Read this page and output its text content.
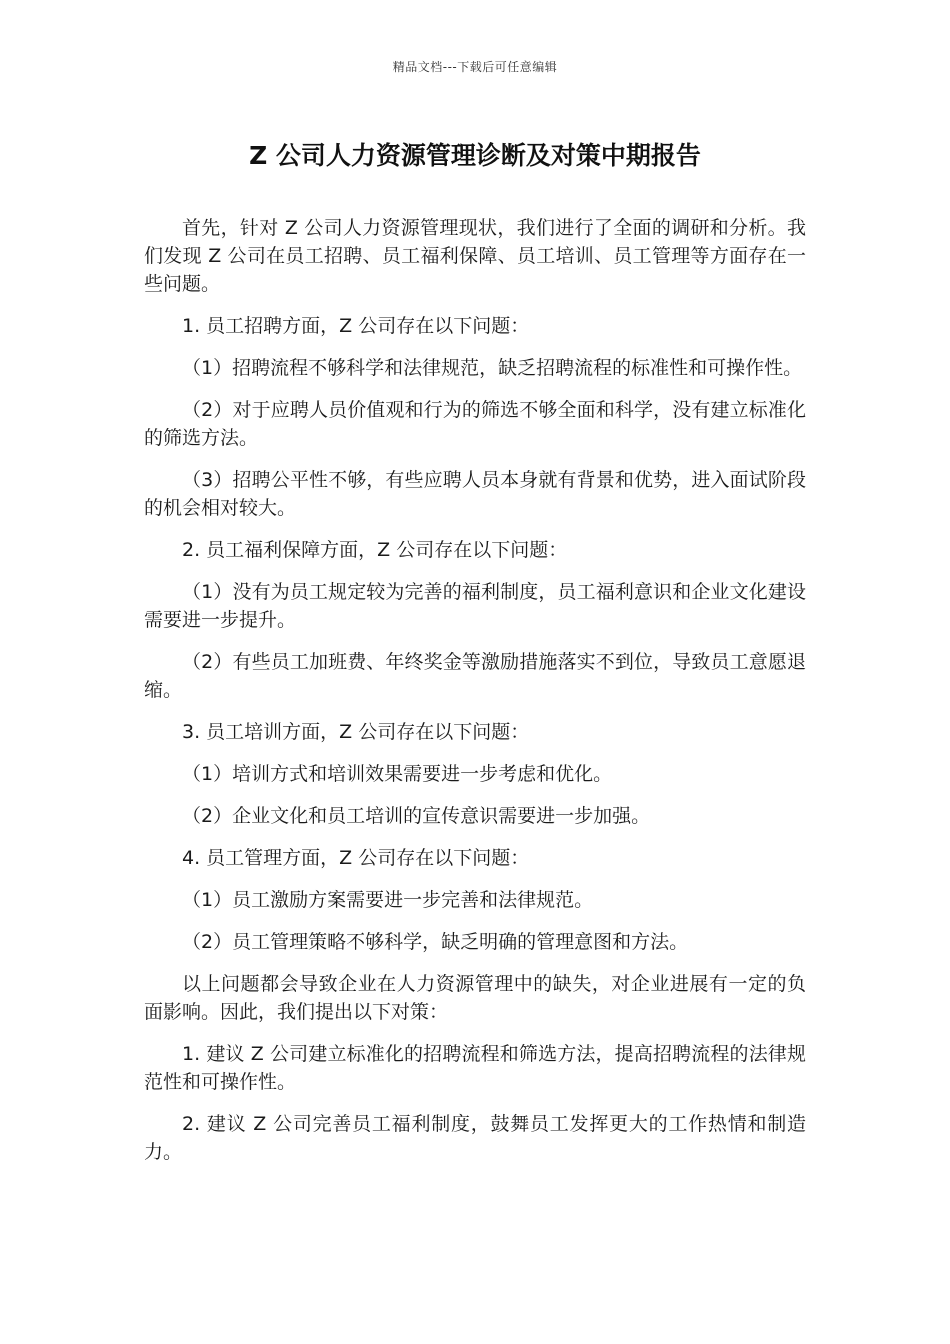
精品文档---下载后可任意编辑
Z 公司人力资源管理诊断及对策中期报告

首先，针对 Z 公司人力资源管理现状，我们进行了全面的调研和分析。我们发现 Z 公司在员工招聘、员工福利保障、员工培训、员工管理等方面存在一些问题。

1. 员工招聘方面，Z 公司存在以下问题：

（1）招聘流程不够科学和法律规范，缺乏招聘流程的标准性和可操作性。

（2）对于应聘人员价值观和行为的筛选不够全面和科学，没有建立标准化的筛选方法。

（3）招聘公平性不够，有些应聘人员本身就有背景和优势，进入面试阶段的机会相对较大。

2. 员工福利保障方面，Z 公司存在以下问题：

（1）没有为员工规定较为完善的福利制度，员工福利意识和企业文化建设需要进一步提升。

（2）有些员工加班费、年终奖金等激励措施落实不到位，导致员工意愿退缩。

3. 员工培训方面，Z 公司存在以下问题：

（1）培训方式和培训效果需要进一步考虑和优化。

（2）企业文化和员工培训的宣传意识需要进一步加强。

4. 员工管理方面，Z 公司存在以下问题：

（1）员工激励方案需要进一步完善和法律规范。

（2）员工管理策略不够科学，缺乏明确的管理意图和方法。

以上问题都会导致企业在人力资源管理中的缺失，对企业进展有一定的负面影响。因此，我们提出以下对策：

1. 建议 Z 公司建立标准化的招聘流程和筛选方法，提高招聘流程的法律规范性和可操作性。

2. 建议 Z 公司完善员工福利制度，鼓舞员工发挥更大的工作热情和制造力。
